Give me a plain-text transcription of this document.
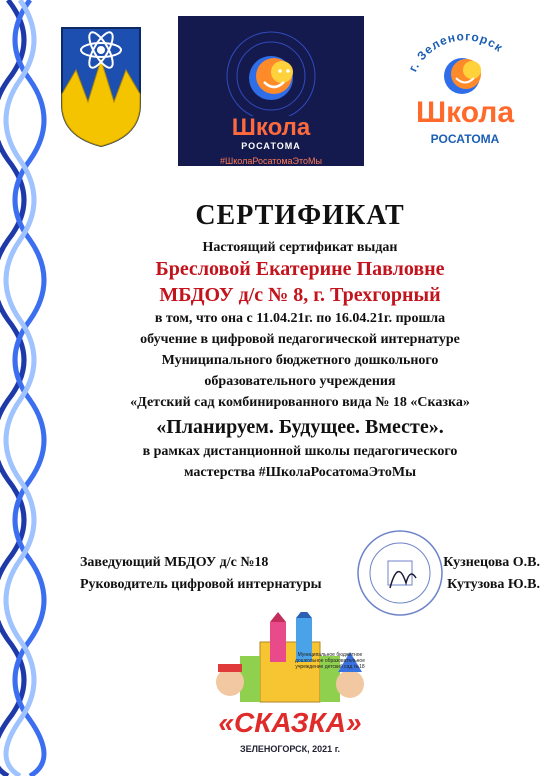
Школа
РОСАТОМА
#ШколаРосатомаЭтоМы
г. Зеленогорск
Школа
РОСАТОМА
СЕРТИФИКАТ
Настоящий сертификат выдан
Бресловой Екатерине Павловне
МБДОУ д/с № 8, г. Трехгорный
в том, что она с 11.04.21г. по 16.04.21г. прошла
обучение в цифровой педагогической интернатуре
Муниципального бюджетного дошкольного
образовательного учреждения
«Детский сад комбинированного вида № 18 «Сказка»
«Планируем. Будущее. Вместе».
в рамках дистанционной школы педагогического
мастерства #ШколаРосатомаЭтоМы
Заведующий МБДОУ д/с №18	Кузнецова О.В.
Руководитель цифровой интернатуры	Кутузова Ю.В.
Муниципальное бюджетное дошкольное образовательное учреждение детский сад №18
«СКАЗКА»
ЗЕЛЕНОГОРСК, 2021 г.
